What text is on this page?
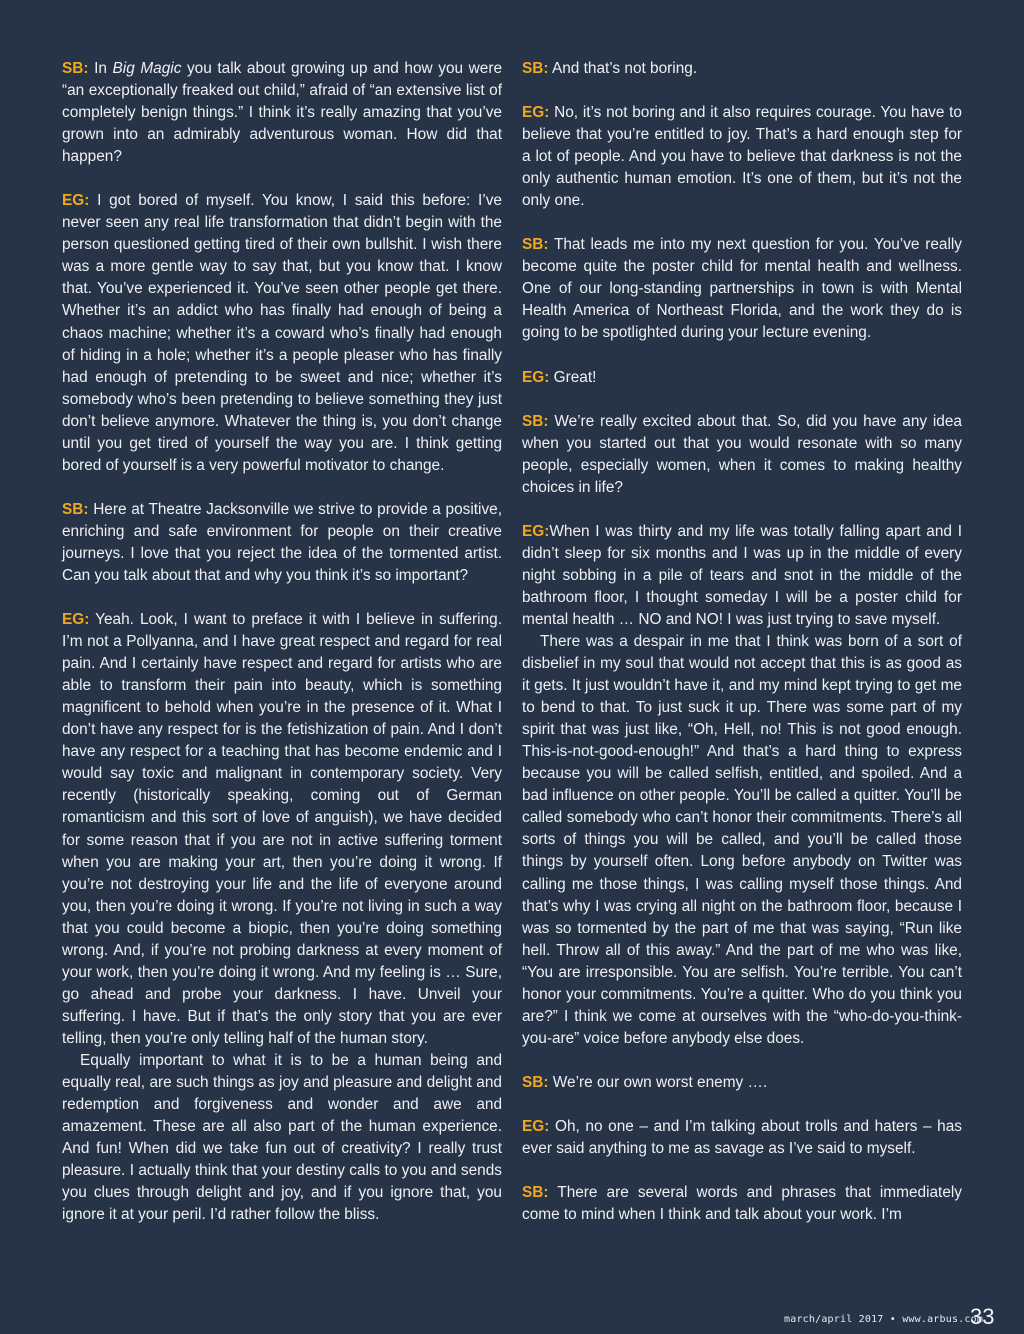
SB: In Big Magic you talk about growing up and how you were “an exceptionally freaked out child,” afraid of “an extensive list of completely benign things.” I think it’s really amazing that you’ve grown into an admirably adventurous woman. How did that happen?

EG: I got bored of myself. You know, I said this before: I’ve never seen any real life transformation that didn’t begin with the person questioned getting tired of their own bullshit. I wish there was a more gentle way to say that, but you know that. I know that. You’ve experienced it. You’ve seen other people get there. Whether it’s an addict who has finally had enough of being a chaos machine; whether it’s a coward who’s finally had enough of hiding in a hole; whether it’s a people pleaser who has finally had enough of pretending to be sweet and nice; whether it’s somebody who’s been pretending to believe something they just don’t believe anymore. Whatever the thing is, you don’t change until you get tired of yourself the way you are. I think getting bored of yourself is a very powerful motivator to change.

SB: Here at Theatre Jacksonville we strive to provide a positive, enriching and safe environment for people on their creative journeys. I love that you reject the idea of the tormented artist. Can you talk about that and why you think it’s so important?

EG: Yeah. Look, I want to preface it with I believe in suffering. I’m not a Pollyanna, and I have great respect and regard for real pain. And I certainly have respect and regard for artists who are able to transform their pain into beauty, which is something magnificent to behold when you’re in the presence of it. What I don’t have any respect for is the fetishization of pain. And I don’t have any respect for a teaching that has become endemic and I would say toxic and malignant in contemporary society. Very recently (historically speaking, coming out of German romanticism and this sort of love of anguish), we have decided for some reason that if you are not in active suffering torment when you are making your art, then you’re doing it wrong. If you’re not destroying your life and the life of everyone around you, then you’re doing it wrong. If you’re not living in such a way that you could become a biopic, then you’re doing something wrong. And, if you’re not probing darkness at every moment of your work, then you’re doing it wrong. And my feeling is … Sure, go ahead and probe your darkness. I have. Unveil your suffering. I have. But if that’s the only story that you are ever telling, then you’re only telling half of the human story.

Equally important to what it is to be a human being and equally real, are such things as joy and pleasure and delight and redemption and forgiveness and wonder and awe and amazement. These are all also part of the human experience. And fun! When did we take fun out of creativity? I really trust pleasure. I actually think that your destiny calls to you and sends you clues through delight and joy, and if you ignore that, you ignore it at your peril. I’d rather follow the bliss.

SB: And that’s not boring.

EG: No, it’s not boring and it also requires courage. You have to believe that you’re entitled to joy. That’s a hard enough step for a lot of people. And you have to believe that darkness is not the only authentic human emotion. It’s one of them, but it’s not the only one.

SB: That leads me into my next question for you. You’ve really become quite the poster child for mental health and wellness. One of our long-standing partnerships in town is with Mental Health America of Northeast Florida, and the work they do is going to be spotlighted during your lecture evening.

EG: Great!

SB: We’re really excited about that. So, did you have any idea when you started out that you would resonate with so many people, especially women, when it comes to making healthy choices in life?

EG:When I was thirty and my life was totally falling apart and I didn’t sleep for six months and I was up in the middle of every night sobbing in a pile of tears and snot in the middle of the bathroom floor, I thought someday I will be a poster child for mental health … NO and NO! I was just trying to save myself.

There was a despair in me that I think was born of a sort of disbelief in my soul that would not accept that this is as good as it gets. It just wouldn’t have it, and my mind kept trying to get me to bend to that. To just suck it up. There was some part of my spirit that was just like, “Oh, Hell, no! This is not good enough. This-is-not-good-enough!” And that’s a hard thing to express because you will be called selfish, entitled, and spoiled. And a bad influence on other people. You’ll be called a quitter. You’ll be called somebody who can’t honor their commitments. There’s all sorts of things you will be called, and you’ll be called those things by yourself often. Long before anybody on Twitter was calling me those things, I was calling myself those things. And that’s why I was crying all night on the bathroom floor, because I was so tormented by the part of me that was saying, “Run like hell. Throw all of this away.” And the part of me who was like, “You are irresponsible. You are selfish. You’re terrible. You can’t honor your commitments. You’re a quitter. Who do you think you are?” I think we come at ourselves with the “who-do-you-think-you-are” voice before anybody else does.

SB: We’re our own worst enemy ….

EG: Oh, no one – and I’m talking about trolls and haters – has ever said anything to me as savage as I’ve said to myself.

SB: There are several words and phrases that immediately come to mind when I think and talk about your work. I’m

march/april 2017 • www.arbus.com
33
